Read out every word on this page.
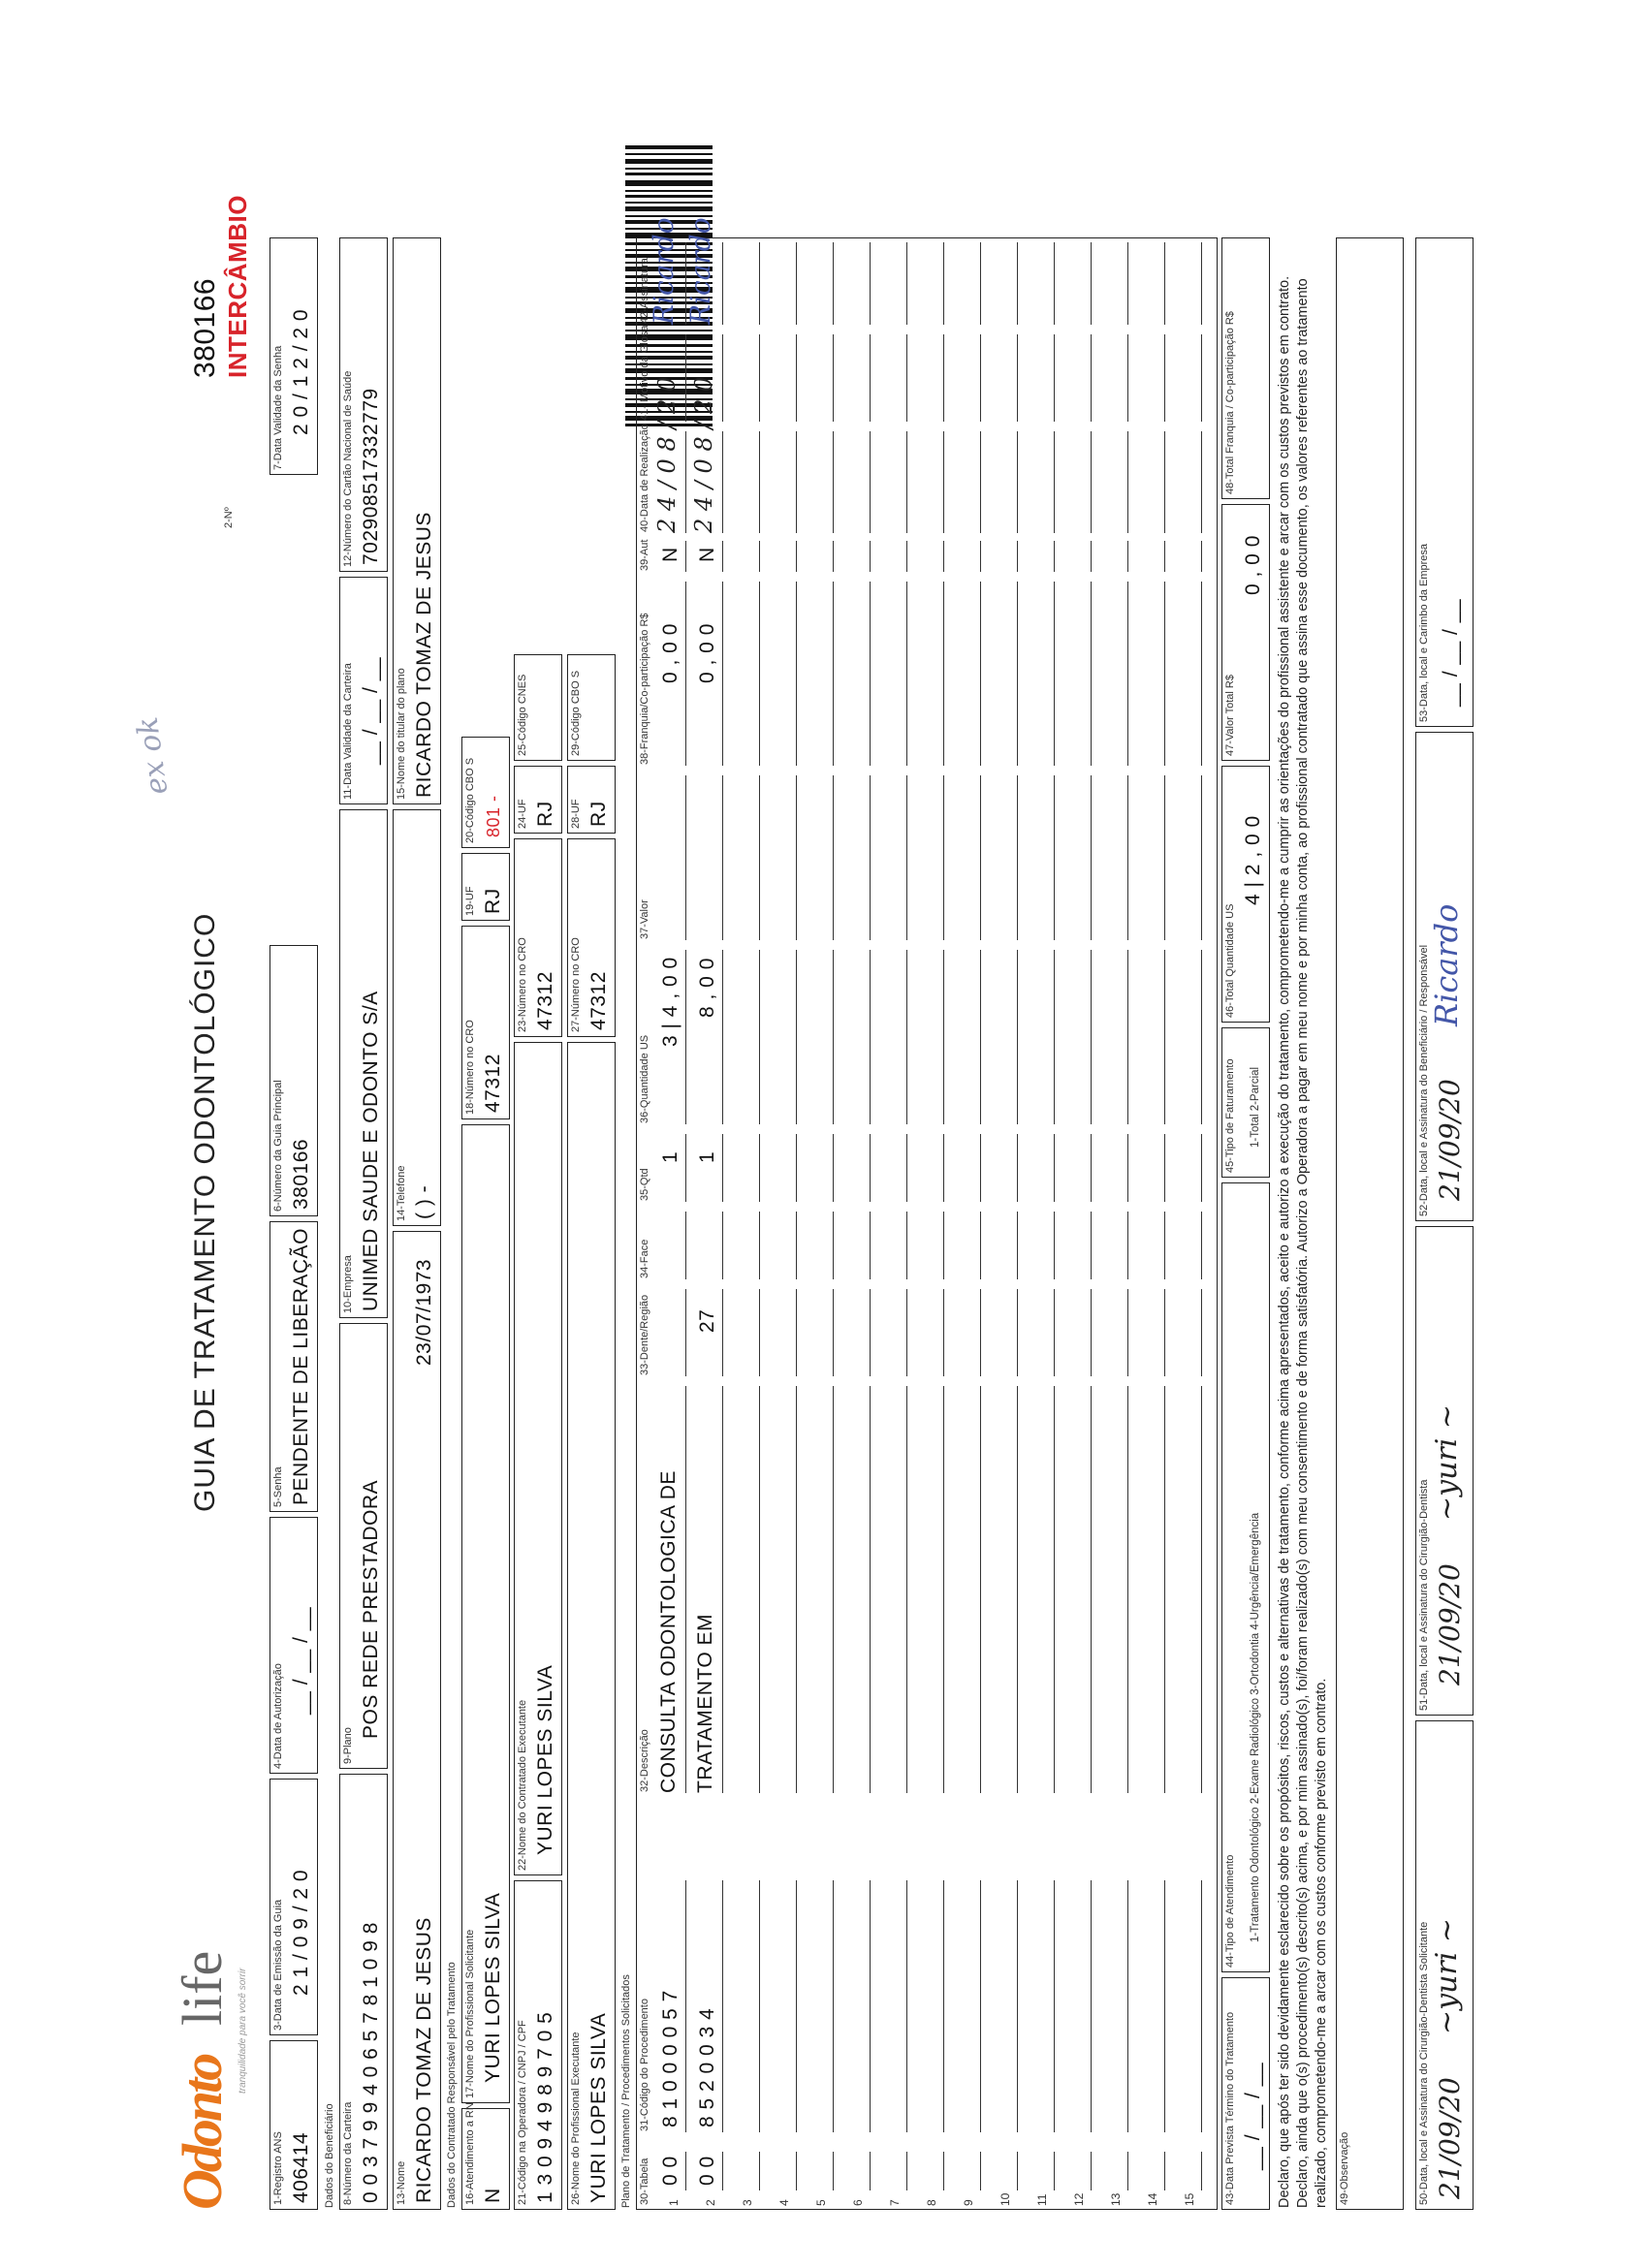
Odonto
life tranquilidade para você sorrir
GUIA DE TRATAMENTO ODONTOLÓGICO
ex ok
2-Nº
380166 INTERCÂMBIO
1-Registro ANS 406414
3-Data de Emissão da Guia 2 1 / 0 9 / 2 0
4-Data de Autorização
__ / __ / __
5-Senha PENDENTE DE LIBERAÇÃO
6-Número da Guia Principal 380166
7-Data Validade da Senha 2 0 / 1 2 / 2 0
Dados do Beneficiário 8-Número da Carteira 0 0 3 7 9 9 4 0 6 5 7 8 1 0 9 8
9-Plano
POS REDE PRESTADORA
10-Empresa UNIMED SAUDE E ODONTO S/A
11-Data Validade da Carteira __ / __ / __
12-Número do Cartão Nacional de Saúde 702908517332779
13-Nome RICARDO TOMAZ DE JESUS
23/07/1973
14-Telefone ( ) -
15-Nome do titular do plano RICARDO TOMAZ DE JESUS
Dados do Contratado Responsável pelo Tratamento 16-Atendimento a RN N
17-Nome do Profissional Solicitante YURI LOPES SILVA
18-Número no CRO 47312
19-UF RJ
20-Código CBO S 801 -
21-Código na Operadora / CNPJ / CPF 1 3 0 9 4 9 8 9 7 0 5
22-Nome do Contratado Executante YURI LOPES SILVA
23-Número no CRO 47312
24-UF RJ
25-Código CNES
26-Nome do Profissional Executante YURI LOPES SILVA
27-Número no CRO 47312
28-UF RJ
29-Código CBO S
Plano de Tratamento / Procedimentos Solicitados 30-Tabela
31-Código do Procedimento
32-Descrição
33-Dente/Região
34-Face
35-Qtd
36-Quantidade US
37-Valor
38-Franquia/Co-participação R$
39-Aut
40-Data de Realização
41- Motivo da Glosa
42-Assinatura
1 2 3 4 5 6 7 8 9 10 11 12 13 14 15
0 0
8 1 0 0 0 0 5 7
CONSULTA ODONTOLOGICA DE
1
3 | 4 , 0 0
0 , 0 0
N
2 4 / 0 8 / 2 0
Ricardo
0 0
8 5 2 0 0 3 4
TRATAMENTO EM
27
1
8 , 0 0
0 , 0 0
N
2 4 / 0 8 / 2 0
Ricardo
43-Data Prevista Término do Tratamento __ / __ / __
44-Tipo de Atendimento 1-Tratamento Odontológico 2-Exame Radiológico 3-Ortodontia 4-Urgência/Emergência
45-Tipo de Faturamento 1-Total 2-Parcial
46-Total Quantidade US
4 | 2 , 0 0
47-Valor Total R$
0 , 0 0
48-Total Franquia / Co-participação R$	Declaro, que após ter sido devidamente esclarecido sobre os propósitos, riscos, custos e alternativas de tratamento, conforme acima apresentados, aceito e autorizo a execução do tratamento, comprometendo-me a cumprir as orientações do profissional assistente e arcar com os custos previstos em contrato. Declaro, ainda que o(s) procedimento(s) descrito(s) acima, e por mim assinado(s), foi/foram realizado(s) com meu consentimento e de forma satisfatória. Autorizo a Operadora a pagar em meu nome e por minha conta, ao profissional contratado que assina esse documento, os valores referentes ao tratamento realizado, comprometendo-me a arcar com os custos conforme previsto em contrato. 49-Observação	50-Data, local e Assinatura do Cirurgião-Dentista Solicitante 21/09/20
~yuri ~
51-Data, local e Assinatura do Cirurgião-Dentista 21/09/20
~yuri ~
52-Data, local e Assinatura do Beneficiário / Responsável 21/09/20
Ricardo
53-Data, local e Carimbo da Empresa __ / __ / __
